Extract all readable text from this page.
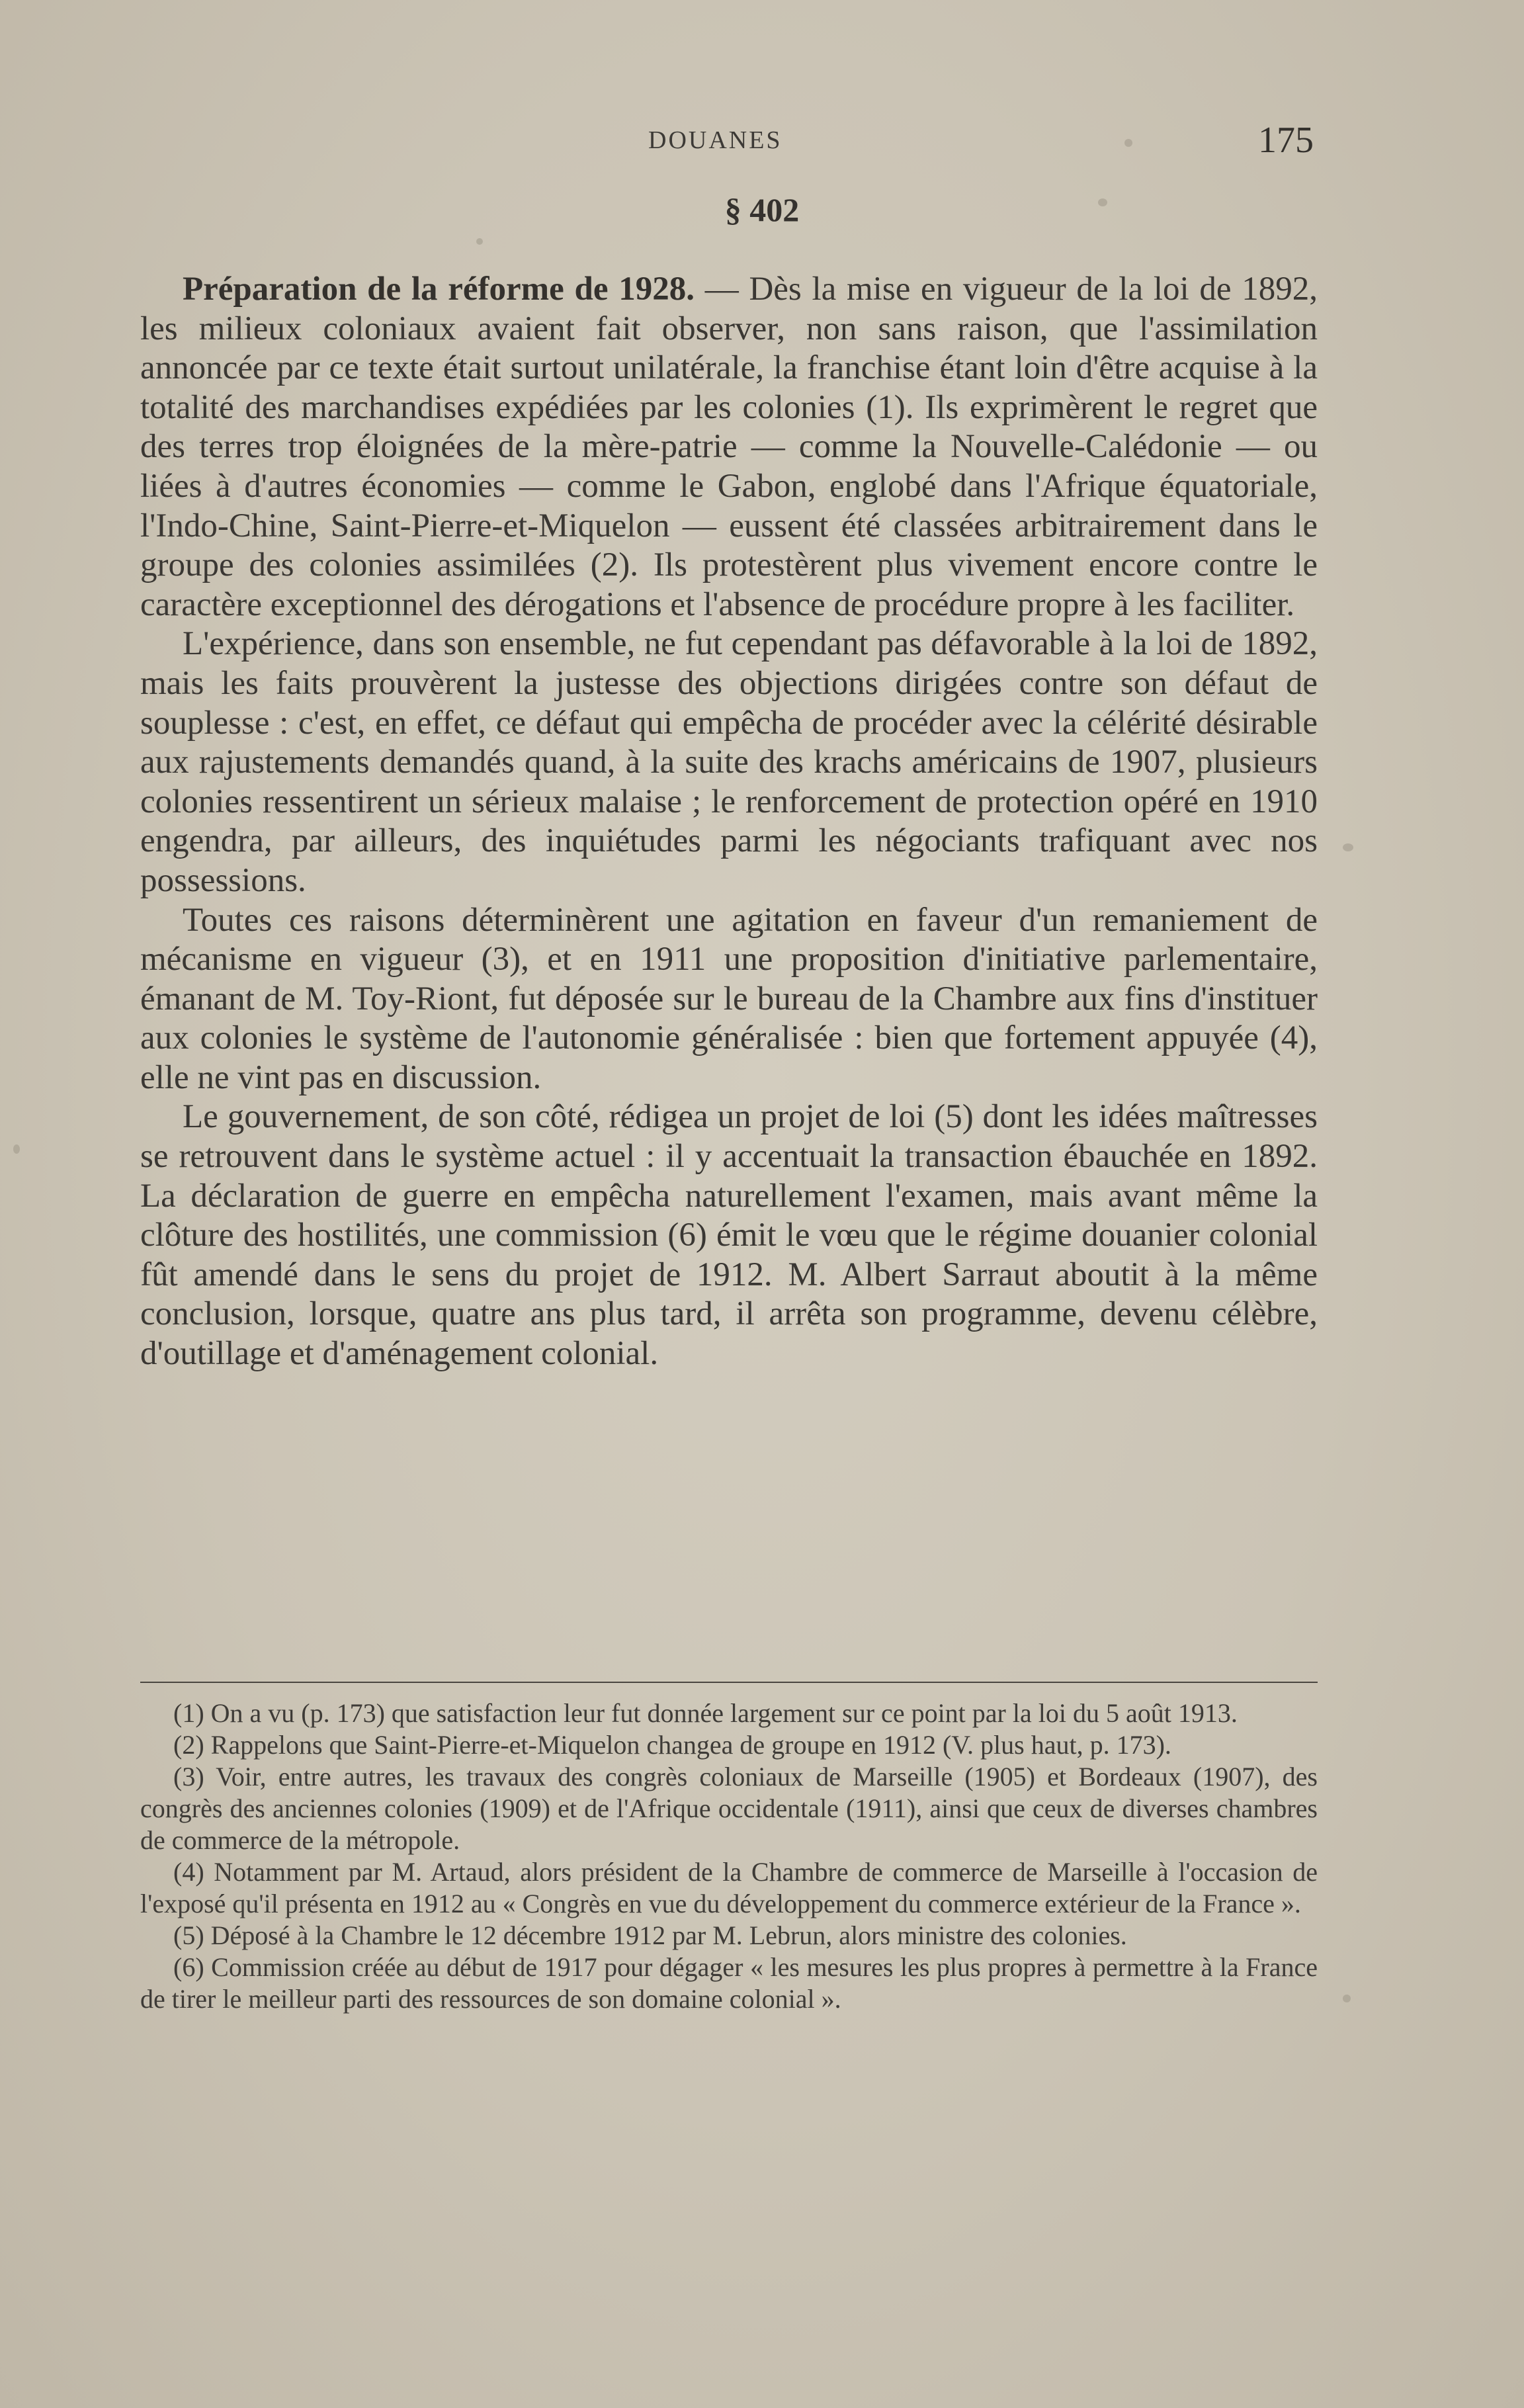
DOUANES	175
§ 402

Préparation de la réforme de 1928. — Dès la mise en vigueur de la loi de 1892, les milieux coloniaux avaient fait observer, non sans raison, que l'assimilation annoncée par ce texte était surtout unilatérale, la franchise étant loin d'être acquise à la totalité des marchandises expédiées par les colonies (1). Ils exprimèrent le regret que des terres trop éloignées de la mère-patrie — comme la Nouvelle-Calédonie — ou liées à d'autres économies — comme le Gabon, englobé dans l'Afrique équatoriale, l'Indo-Chine, Saint-Pierre-et-Miquelon — eussent été classées arbitrairement dans le groupe des colonies assimilées (2). Ils protestèrent plus vivement encore contre le caractère exceptionnel des dérogations et l'absence de procédure propre à les faciliter.

L'expérience, dans son ensemble, ne fut cependant pas défavorable à la loi de 1892, mais les faits prouvèrent la justesse des objections dirigées contre son défaut de souplesse : c'est, en effet, ce défaut qui empêcha de procéder avec la célérité désirable aux rajustements demandés quand, à la suite des krachs américains de 1907, plusieurs colonies ressentirent un sérieux malaise ; le renforcement de protection opéré en 1910 engendra, par ailleurs, des inquiétudes parmi les négociants trafiquant avec nos possessions.

Toutes ces raisons déterminèrent une agitation en faveur d'un remaniement de mécanisme en vigueur (3), et en 1911 une proposition d'initiative parlementaire, émanant de M. Toy-Riont, fut déposée sur le bureau de la Chambre aux fins d'instituer aux colonies le système de l'autonomie généralisée : bien que fortement appuyée (4), elle ne vint pas en discussion.

Le gouvernement, de son côté, rédigea un projet de loi (5) dont les idées maîtresses se retrouvent dans le système actuel : il y accentuait la transaction ébauchée en 1892. La déclaration de guerre en empêcha naturellement l'examen, mais avant même la clôture des hostilités, une commission (6) émit le vœu que le régime douanier colonial fût amendé dans le sens du projet de 1912. M. Albert Sarraut aboutit à la même conclusion, lorsque, quatre ans plus tard, il arrêta son programme, devenu célèbre, d'outillage et d'aménagement colonial.

(1) On a vu (p. 173) que satisfaction leur fut donnée largement sur ce point par la loi du 5 août 1913.

(2) Rappelons que Saint-Pierre-et-Miquelon changea de groupe en 1912 (V. plus haut, p. 173).

(3) Voir, entre autres, les travaux des congrès coloniaux de Marseille (1905) et Bordeaux (1907), des congrès des anciennes colonies (1909) et de l'Afrique occidentale (1911), ainsi que ceux de diverses chambres de commerce de la métropole.

(4) Notamment par M. Artaud, alors président de la Chambre de commerce de Marseille à l'occasion de l'exposé qu'il présenta en 1912 au « Congrès en vue du développement du commerce extérieur de la France ».

(5) Déposé à la Chambre le 12 décembre 1912 par M. Lebrun, alors ministre des colonies.

(6) Commission créée au début de 1917 pour dégager « les mesures les plus propres à permettre à la France de tirer le meilleur parti des ressources de son domaine colonial ».
